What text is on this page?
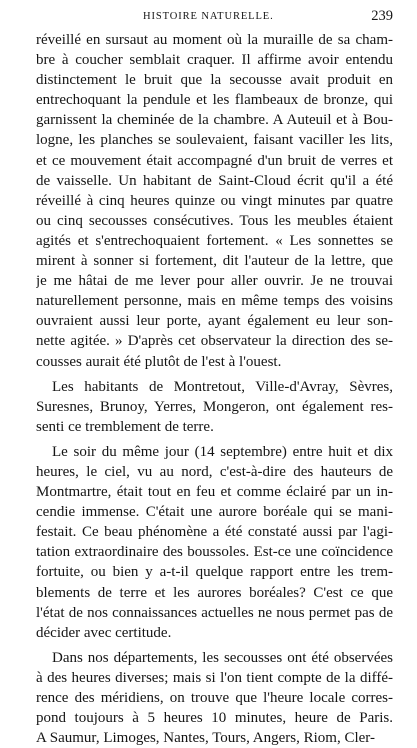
HISTOIRE NATURELLE.	239
réveillé en sursaut au moment où la muraille de sa cham-
bre à coucher semblait craquer. Il affirme avoir entendu
distinctement le bruit que la secousse avait produit en
entrechoquant la pendule et les flambeaux de bronze, qui
garnissent la cheminée de la chambre. A Auteuil et à Bou-
logne, les planches se soulevaient, faisant vaciller les lits,
et ce mouvement était accompagné d'un bruit de verres et
de vaisselle. Un habitant de Saint-Cloud écrit qu'il a été
réveillé à cinq heures quinze ou vingt minutes par quatre
ou cinq secousses consécutives. Tous les meubles étaient
agités et s'entrechoquaient fortement. « Les sonnettes se
mirent à sonner si fortement, dit l'auteur de la lettre, que
je me hâtai de me lever pour aller ouvrir. Je ne trouvai
naturellement personne, mais en même temps des voisins
ouvraient aussi leur porte, ayant également eu leur son-
nette agitée. » D'après cet observateur la direction des se-
cousses aurait été plutôt de l'est à l'ouest.
Les habitants de Montretout, Ville-d'Avray, Sèvres,
Suresnes, Brunoy, Yerres, Mongeron, ont également res-
senti ce tremblement de terre.
Le soir du même jour (14 septembre) entre huit et dix
heures, le ciel, vu au nord, c'est-à-dire des hauteurs de
Montmartre, était tout en feu et comme éclairé par un in-
cendie immense. C'était une aurore boréale qui se mani-
festait. Ce beau phénomène a été constaté aussi par l'agi-
tation extraordinaire des boussoles. Est-ce une coïncidence
fortuite, ou bien y a-t-il quelque rapport entre les trem-
blements de terre et les aurores boréales? C'est ce que
l'état de nos connaissances actuelles ne nous permet pas de
décider avec certitude.
Dans nos départements, les secousses ont été observées
à des heures diverses; mais si l'on tient compte de la diffé-
rence des méridiens, on trouve que l'heure locale corres-
pond toujours à 5 heures 10 minutes, heure de Paris.
A Saumur, Limoges, Nantes, Tours, Angers, Riom, Cler-
